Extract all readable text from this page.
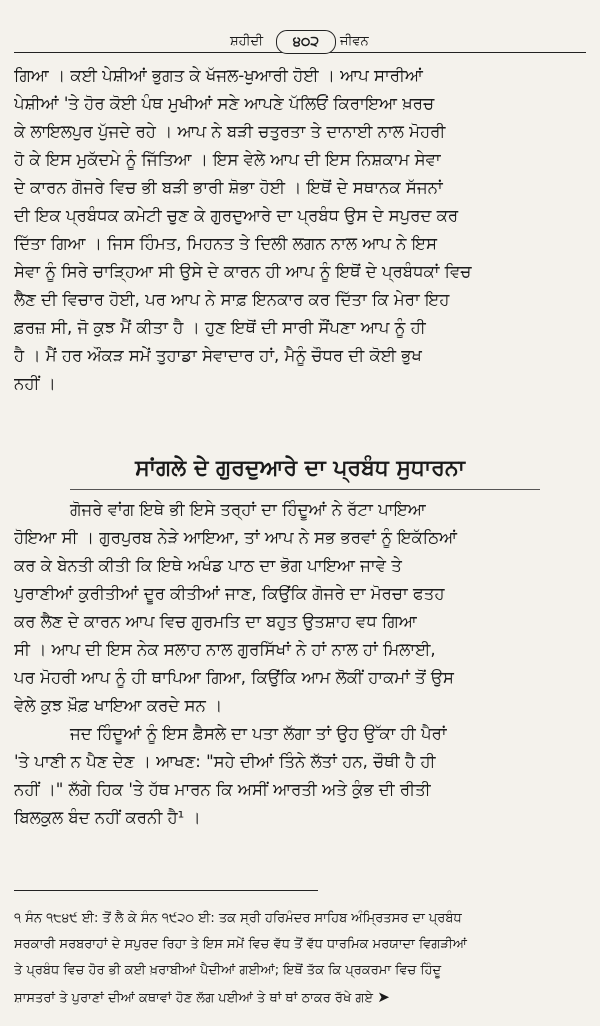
ਸ਼ਹੀਦੀ	੪੦੨	ਜੀਵਨ
ਗਿਆ । ਕਈ ਪੇਸ਼ੀਆਂ ਭੁਗਤ ਕੇ ਖੱਜਲ-ਖੁਆਰੀ ਹੋਈ । ਆਪ ਸਾਰੀਆਂ
ਪੇਸ਼ੀਆਂ 'ਤੇ ਹੋਰ ਕੋਈ ਪੰਥ ਮੁਖੀਆਂ ਸਣੇ ਆਪਣੇ ਪੱਲਿਓਂ ਕਿਰਾਇਆ ਖ਼ਰਚ
ਕੇ ਲਾਇਲਪੁਰ ਪੁੱਜਦੇ ਰਹੇ । ਆਪ ਨੇ ਬੜੀ ਚਤੁਰਤਾ ਤੇ ਦਾਨਾਈ ਨਾਲ ਮੋਹਰੀ
ਹੋ ਕੇ ਇਸ ਮੁਕੱਦਮੇ ਨੂੰ ਜਿੱਤਿਆ । ਇਸ ਵੇਲੇ ਆਪ ਦੀ ਇਸ ਨਿਸ਼ਕਾਮ ਸੇਵਾ
ਦੇ ਕਾਰਨ ਗੋਜਰੇ ਵਿਚ ਭੀ ਬੜੀ ਭਾਰੀ ਸ਼ੋਭਾ ਹੋਈ । ਇਥੋਂ ਦੇ ਸਥਾਨਕ ਸੱਜਨਾਂ
ਦੀ ਇਕ ਪ੍ਰਬੰਧਕ ਕਮੇਟੀ ਚੁਣ ਕੇ ਗੁਰਦੁਆਰੇ ਦਾ ਪ੍ਰਬੰਧ ਉਸ ਦੇ ਸਪੁਰਦ ਕਰ
ਦਿੱਤਾ ਗਿਆ । ਜਿਸ ਹਿੰਮਤ, ਮਿਹਨਤ ਤੇ ਦਿਲੀ ਲਗਨ ਨਾਲ ਆਪ ਨੇ ਇਸ
ਸੇਵਾ ਨੂੰ ਸਿਰੇ ਚਾੜ੍ਹਿਆ ਸੀ ਉਸੇ ਦੇ ਕਾਰਨ ਹੀ ਆਪ ਨੂੰ ਇਥੋਂ ਦੇ ਪ੍ਰਬੰਧਕਾਂ ਵਿਚ
ਲੈਣ ਦੀ ਵਿਚਾਰ ਹੋਈ, ਪਰ ਆਪ ਨੇ ਸਾਫ਼ ਇਨਕਾਰ ਕਰ ਦਿੱਤਾ ਕਿ ਮੇਰਾ ਇਹ
ਫ਼ਰਜ਼ ਸੀ, ਜੋ ਕੁਝ ਮੈਂ ਕੀਤਾ ਹੈ । ਹੁਣ ਇਥੋਂ ਦੀ ਸਾਰੀ ਸੌਂਪਣਾ ਆਪ ਨੂੰ ਹੀ
ਹੈ । ਮੈਂ ਹਰ ਔਕੜ ਸਮੇਂ ਤੁਹਾਡਾ ਸੇਵਾਦਾਰ ਹਾਂ, ਮੈਨੂੰ ਚੌਧਰ ਦੀ ਕੋਈ ਭੁਖ
ਨਹੀਂ ।
ਸਾਂਗਲੇ ਦੇ ਗੁਰਦੁਆਰੇ ਦਾ ਪ੍ਰਬੰਧ ਸੁਧਾਰਨਾ
ਗੋਜਰੇ ਵਾਂਗ ਇਥੇ ਭੀ ਇਸੇ ਤਰ੍ਹਾਂ ਦਾ ਹਿੰਦੂਆਂ ਨੇ ਰੱਟਾ ਪਾਇਆ
ਹੋਇਆ ਸੀ । ਗੁਰਪੁਰਬ ਨੇੜੇ ਆਇਆ, ਤਾਂ ਆਪ ਨੇ ਸਭ ਭਰਵਾਂ ਨੂੰ ਇਕੱਠਿਆਂ
ਕਰ ਕੇ ਬੇਨਤੀ ਕੀਤੀ ਕਿ ਇਥੇ ਅਖੰਡ ਪਾਠ ਦਾ ਭੋਗ ਪਾਇਆ ਜਾਵੇ ਤੇ
ਪੁਰਾਣੀਆਂ ਕੁਰੀਤੀਆਂ ਦੂਰ ਕੀਤੀਆਂ ਜਾਣ, ਕਿਉਂਕਿ ਗੋਜਰੇ ਦਾ ਮੋਰਚਾ ਫਤਹ
ਕਰ ਲੈਣ ਦੇ ਕਾਰਨ ਆਪ ਵਿਚ ਗੁਰਮਤਿ ਦਾ ਬਹੁਤ ਉਤਸ਼ਾਹ ਵਧ ਗਿਆ
ਸੀ । ਆਪ ਦੀ ਇਸ ਨੇਕ ਸਲਾਹ ਨਾਲ ਗੁਰਸਿੱਖਾਂ ਨੇ ਹਾਂ ਨਾਲ ਹਾਂ ਮਿਲਾਈ,
ਪਰ ਮੋਹਰੀ ਆਪ ਨੂੰ ਹੀ ਥਾਪਿਆ ਗਿਆ, ਕਿਉਂਕਿ ਆਮ ਲੋਕੀਂ ਹਾਕਮਾਂ ਤੋਂ ਉਸ
ਵੇਲੇ ਕੁਝ ਖ਼ੌਫ਼ ਖਾਇਆ ਕਰਦੇ ਸਨ ।
ਜਦ ਹਿੰਦੂਆਂ ਨੂੰ ਇਸ ਫ਼ੈਸਲੇ ਦਾ ਪਤਾ ਲੱਗਾ ਤਾਂ ਉਹ ਉੱਕਾ ਹੀ ਪੈਰਾਂ
'ਤੇ ਪਾਣੀ ਨ ਪੈਣ ਦੇਣ । ਆਖਣ: "ਸਹੇ ਦੀਆਂ ਤਿੰਨੇ ਲੱਤਾਂ ਹਨ, ਚੌਥੀ ਹੈ ਹੀ
ਨਹੀਂ ।" ਲੱਗੇ ਹਿਕ 'ਤੇ ਹੱਥ ਮਾਰਨ ਕਿ ਅਸੀਂ ਆਰਤੀ ਅਤੇ ਕੁੰਭ ਦੀ ਰੀਤੀ
ਬਿਲਕੁਲ ਬੰਦ ਨਹੀਂ ਕਰਨੀ ਹੈ¹ ।
੧ ਸੰਨ ੧੮੪੯ ਈ: ਤੋਂ ਲੈ ਕੇ ਸੰਨ ੧੯੨੦ ਈ: ਤਕ ਸ੍ਰੀ ਹਰਿਮੰਦਰ ਸਾਹਿਬ ਅੰਮ੍ਰਿਤਸਰ ਦਾ ਪ੍ਰਬੰਧ
ਸਰਕਾਰੀ ਸਰਬਰਾਹਾਂ ਦੇ ਸਪੁਰਦ ਰਿਹਾ ਤੇ ਇਸ ਸਮੇਂ ਵਿਚ ਵੱਧ ਤੋਂ ਵੱਧ ਧਾਰਮਿਕ ਮਰਯਾਦਾ ਵਿਗੜੀਆਂ
ਤੇ ਪ੍ਰਬੰਧ ਵਿਚ ਹੋਰ ਭੀ ਕਈ ਖ਼ਰਾਬੀਆਂ ਪੈਦੀਆਂ ਗਈਆਂ; ਇਥੋਂ ਤੱਕ ਕਿ ਪ੍ਰਕਰਮਾ ਵਿਚ ਹਿੰਦੂ
ਸ਼ਾਸਤਰਾਂ ਤੇ ਪੁਰਾਣਾਂ ਦੀਆਂ ਕਥਾਵਾਂ ਹੋਣ ਲੱਗ ਪਈਆਂ ਤੇ ਥਾਂ ਥਾਂ ਠਾਕਰ ਰੱਖੇ ਗਏ ➤
